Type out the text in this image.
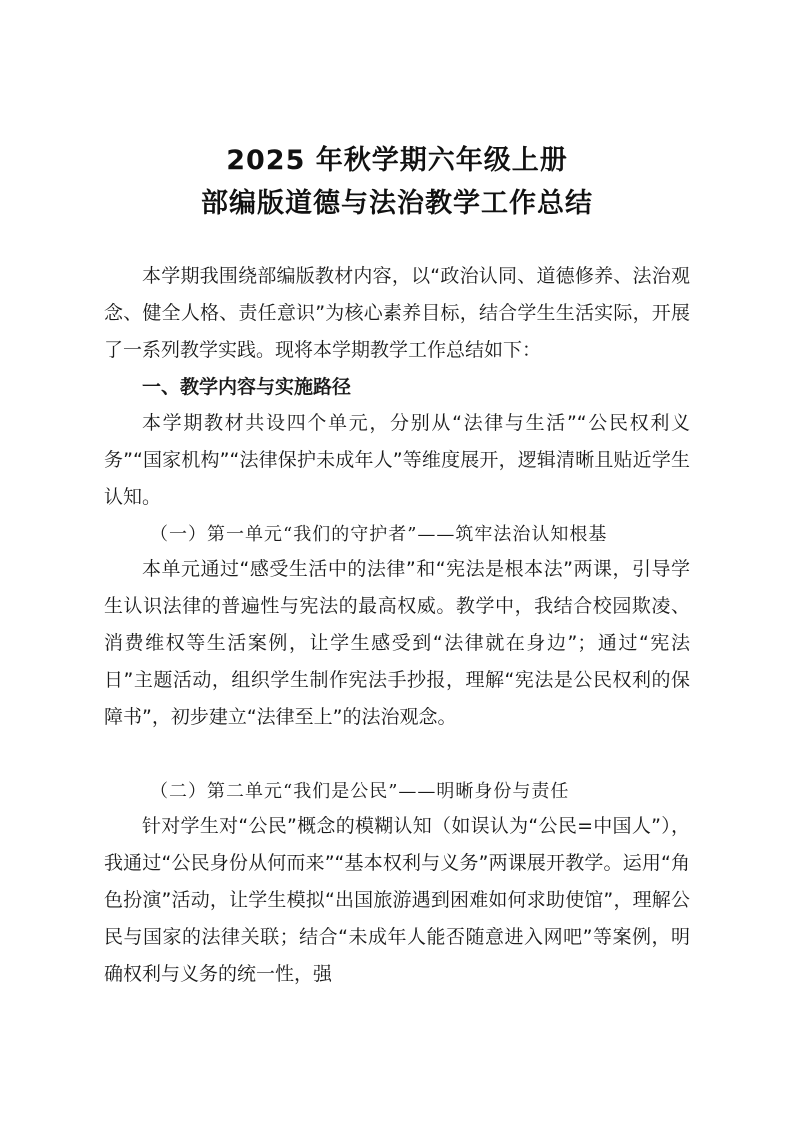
2025 年秋学期六年级上册
部编版道德与法治教学工作总结
本学期我围绕部编版教材内容，以“政治认同、道德修养、法治观念、健全人格、责任意识”为核心素养目标，结合学生生活实际，开展了一系列教学实践。现将本学期教学工作总结如下：
一、教学内容与实施路径
本学期教材共设四个单元，分别从“法律与生活”“公民权利义务”“国家机构”“法律保护未成年人”等维度展开，逻辑清晰且贴近学生认知。
（一）第一单元“我们的守护者”——筑牢法治认知根基
本单元通过“感受生活中的法律”和“宪法是根本法”两课，引导学生认识法律的普遍性与宪法的最高权威。教学中，我结合校园欺凌、消费维权等生活案例，让学生感受到“法律就在身边”；通过“宪法日”主题活动，组织学生制作宪法手抄报，理解“宪法是公民权利的保障书”，初步建立“法律至上”的法治观念。
（二）第二单元“我们是公民”——明晰身份与责任
针对学生对“公民”概念的模糊认知（如误认为“公民=中国人”），我通过“公民身份从何而来”“基本权利与义务”两课展开教学。运用“角色扮演”活动，让学生模拟“出国旅游遇到困难如何求助使馆”，理解公民与国家的法律关联；结合“未成年人能否随意进入网吧”等案例，明确权利与义务的统一性，强
